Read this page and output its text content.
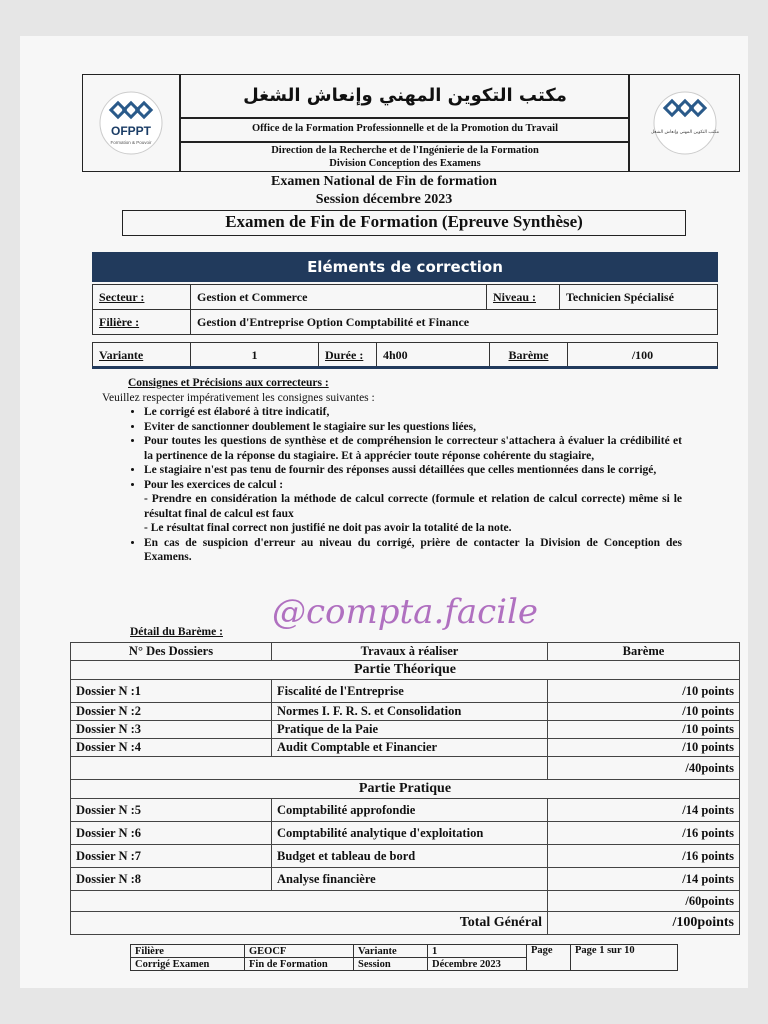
OFPPT
Formation & Pouvoir
مكتب التكوين المهني وإنعاش الشغل
Office de la Formation Professionnelle et de la Promotion du Travail
Direction de la Recherche et de l'Ingénierie de la Formation
Division Conception des Examens
مكتب التكوين المهني وإنعاش الشغل
Examen National de Fin de formation
Session décembre 2023
Examen de Fin de Formation (Epreuve Synthèse)
Eléments de correction
Secteur :	Gestion et Commerce	Niveau :	Technicien Spécialisé
Filière :	Gestion d'Entreprise Option Comptabilité et Finance		
Variante	1	Durée :	4h00	Barème	/100
Consignes et Précisions aux correcteurs :
Veuillez respecter impérativement les consignes suivantes :
• Le corrigé est élaboré à titre indicatif,
• Eviter de sanctionner doublement le stagiaire sur les questions liées,
• Pour toutes les questions de synthèse et de compréhension le correcteur s'attachera à évaluer la crédibilité et la pertinence de la réponse du stagiaire. Et à apprécier toute réponse cohérente du stagiaire,
• Le stagiaire n'est pas tenu de fournir des réponses aussi détaillées que celles mentionnées dans le corrigé,
• Pour les exercices de calcul :
- Prendre en considération la méthode de calcul correcte (formule et relation de calcul correcte) même si le résultat final de calcul est faux
- Le résultat final correct non justifié ne doit pas avoir la totalité de la note.
• En cas de suspicion d'erreur au niveau du corrigé, prière de contacter la Division de Conception des Examens.
@compta.facile
Détail du Barème :
N° Des Dossiers	Travaux à réaliser	Barème
Partie Théorique		
Dossier N :1	Fiscalité de l'Entreprise	/10 points
Dossier N :2	Normes I. F. R. S. et Consolidation	/10 points
Dossier N :3	Pratique de la Paie	/10 points
Dossier N :4	Audit Comptable et Financier	/10 points
		/40points
Partie Pratique		
Dossier N :5	Comptabilité approfondie	/14 points
Dossier N :6	Comptabilité analytique d'exploitation	/16 points
Dossier N :7	Budget et tableau de bord	/16 points
Dossier N :8	Analyse financière	/14 points
		/60points
Total Général		/100points
Filière	GEOCF	Variante	1	Page	Page 1 sur 10
Corrigé Examen	Fin de Formation	Session	Décembre 2023		
